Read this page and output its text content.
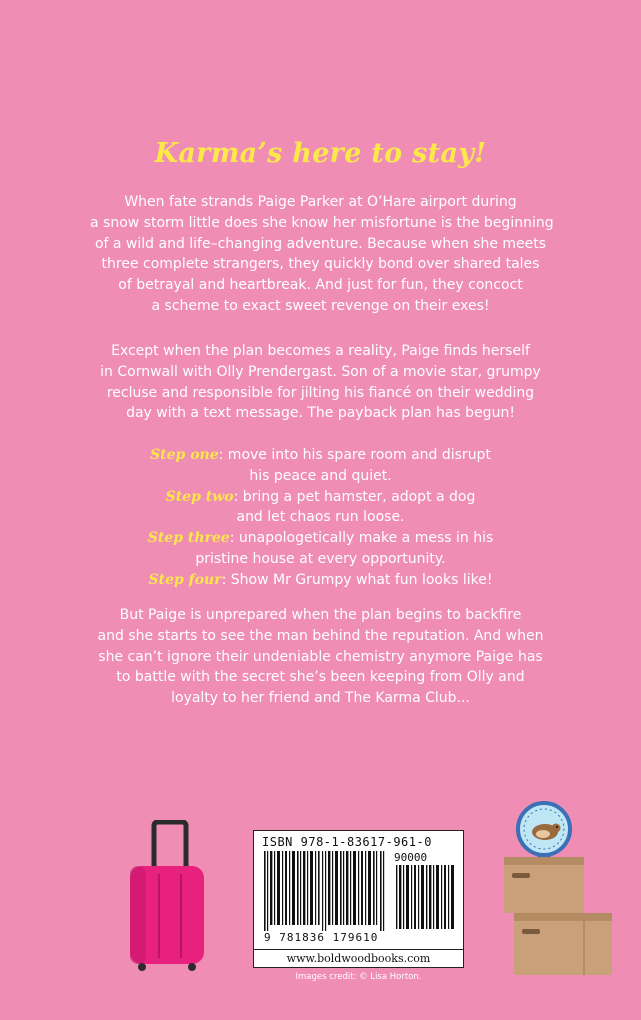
Karma’s here to stay!

When fate strands Paige Parker at O’Hare airport during
a snow storm little does she know her misfortune is the beginning
of a wild and life–changing adventure. Because when she meets
three complete strangers, they quickly bond over shared tales
of betrayal and heartbreak. And just for fun, they concoct
a scheme to exact sweet revenge on their exes!

Except when the plan becomes a reality, Paige finds herself
in Cornwall with Olly Prendergast. Son of a movie star, grumpy
recluse and responsible for jilting his fiancé on their wedding
day with a text message. The payback plan has begun!

Step one: move into his spare room and disrupt
his peace and quiet.
Step two: bring a pet hamster, adopt a dog
and let chaos run loose.
Step three: unapologetically make a mess in his
pristine house at every opportunity.
Step four: Show Mr Grumpy what fun looks like!

But Paige is unprepared when the plan begins to backfire
and she starts to see the man behind the reputation. And when
she can’t ignore their undeniable chemistry anymore Paige has
to battle with the secret she’s been keeping from Olly and
loyalty to her friend and The Karma Club...

ISBN 978-1-83617-961-0
90000
9 781836 179610
www.boldwoodbooks.com
Images credit: © Lisa Horton.
